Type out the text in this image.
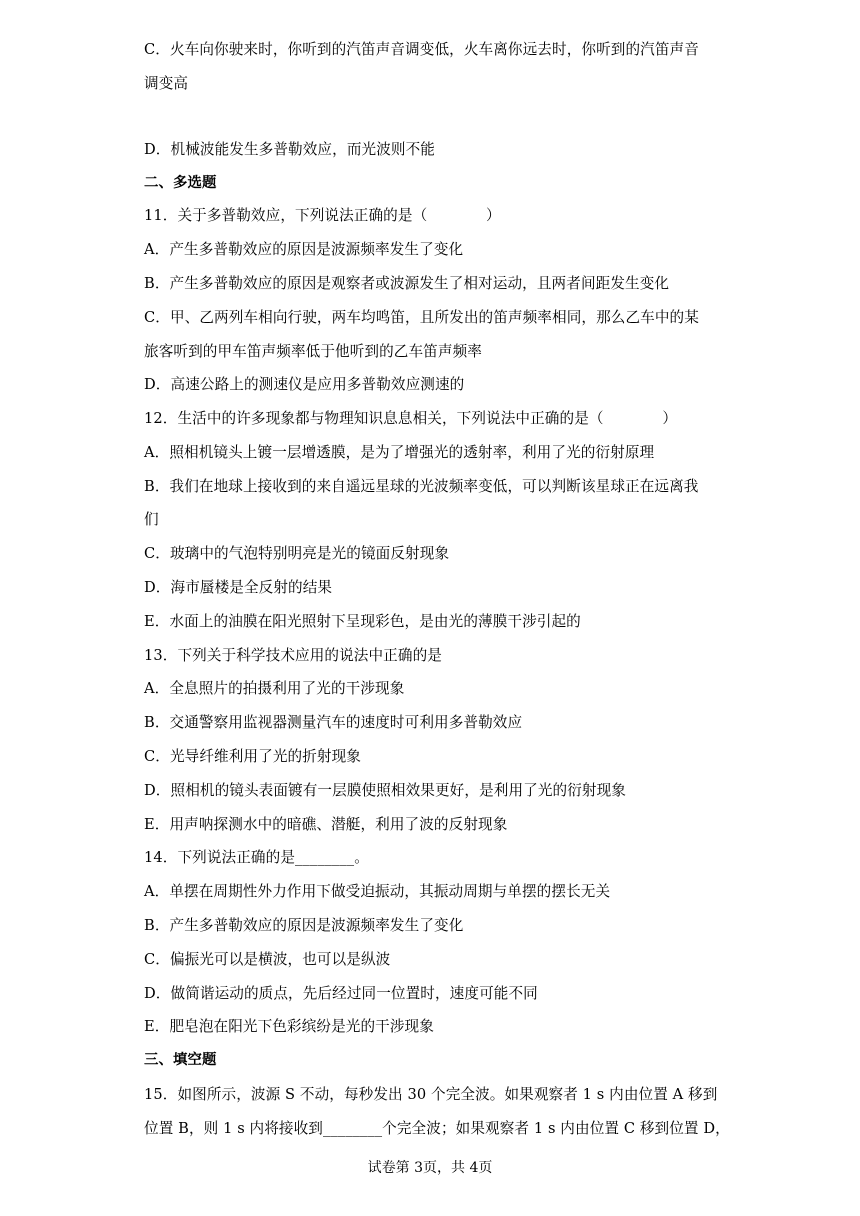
C．火车向你驶来时，你听到的汽笛声音调变低，火车离你远去时，你听到的汽笛声音
调变高
D．机械波能发生多普勒效应，而光波则不能
二、多选题
11．关于多普勒效应，下列说法正确的是（　　　　）
A．产生多普勒效应的原因是波源频率发生了变化
B．产生多普勒效应的原因是观察者或波源发生了相对运动，且两者间距发生变化
C．甲、乙两列车相向行驶，两车均鸣笛，且所发出的笛声频率相同，那么乙车中的某
旅客听到的甲车笛声频率低于他听到的乙车笛声频率
D．高速公路上的测速仪是应用多普勒效应测速的
12．生活中的许多现象都与物理知识息息相关，下列说法中正确的是（　　　　）
A．照相机镜头上镀一层增透膜，是为了增强光的透射率，利用了光的衍射原理
B．我们在地球上接收到的来自遥远星球的光波频率变低，可以判断该星球正在远离我
们
C．玻璃中的气泡特别明亮是光的镜面反射现象
D．海市蜃楼是全反射的结果
E．水面上的油膜在阳光照射下呈现彩色，是由光的薄膜干涉引起的
13．下列关于科学技术应用的说法中正确的是
A．全息照片的拍摄利用了光的干涉现象
B．交通警察用监视器测量汽车的速度时可利用多普勒效应
C．光导纤维利用了光的折射现象
D．照相机的镜头表面镀有一层膜使照相效果更好，是利用了光的衍射现象
E．用声呐探测水中的暗礁、潜艇，利用了波的反射现象
14．下列说法正确的是________。
A．单摆在周期性外力作用下做受迫振动，其振动周期与单摆的摆长无关
B．产生多普勒效应的原因是波源频率发生了变化
C．偏振光可以是横波，也可以是纵波
D．做简谐运动的质点，先后经过同一位置时，速度可能不同
E．肥皂泡在阳光下色彩缤纷是光的干涉现象
三、填空题
15．如图所示，波源 S 不动，每秒发出 30 个完全波。如果观察者 1 s 内由位置 A 移到
位置 B，则 1 s 内将接收到________个完全波；如果观察者 1 s 内由位置 C 移到位置 D，
试卷第 3页，共 4页
